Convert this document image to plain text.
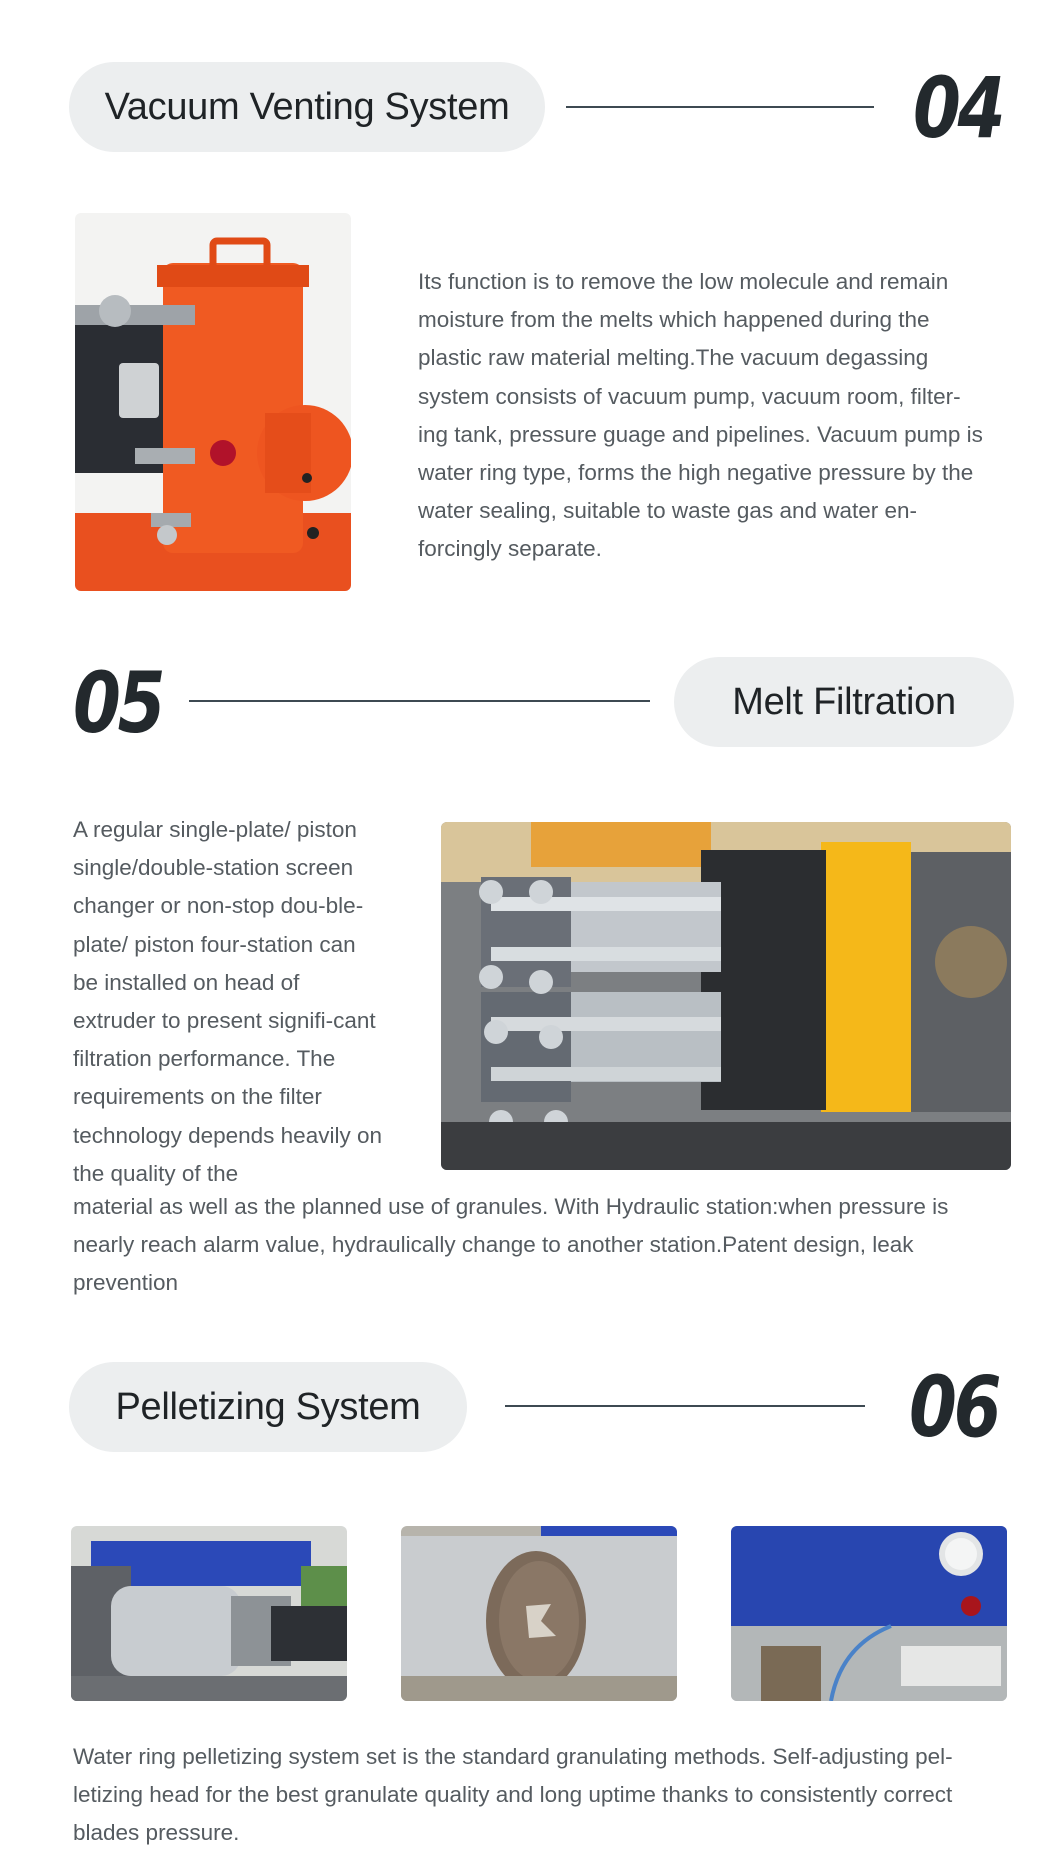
Vacuum Venting System	04
Its function is to remove the low molecule and remain moisture from the melts which happened during the plastic raw material melting.The vacuum degassing system consists of vacuum pump, vacuum room, filter-ing tank, pressure guage and pipelines. Vacuum pump is water ring type, forms the high negative pressure by the water sealing, suitable to waste gas and water en-forcingly separate.
05	Melt Filtration
A regular single-plate/ piston single/double-station screen changer or non-stop dou-ble-plate/ piston four-station can be installed on head of extruder to present signifi-cant filtration performance. The requirements on the filter technology depends heavily on the quality of the
material as well as the planned use of granules. With Hydraulic station:when pressure is nearly reach alarm value, hydraulically change to another station.Patent design, leak prevention
Pelletizing System	06
Water ring pelletizing system set is the standard granulating methods. Self-adjusting pel-letizing head for the best granulate quality and long uptime thanks to consistently correct blades pressure.
